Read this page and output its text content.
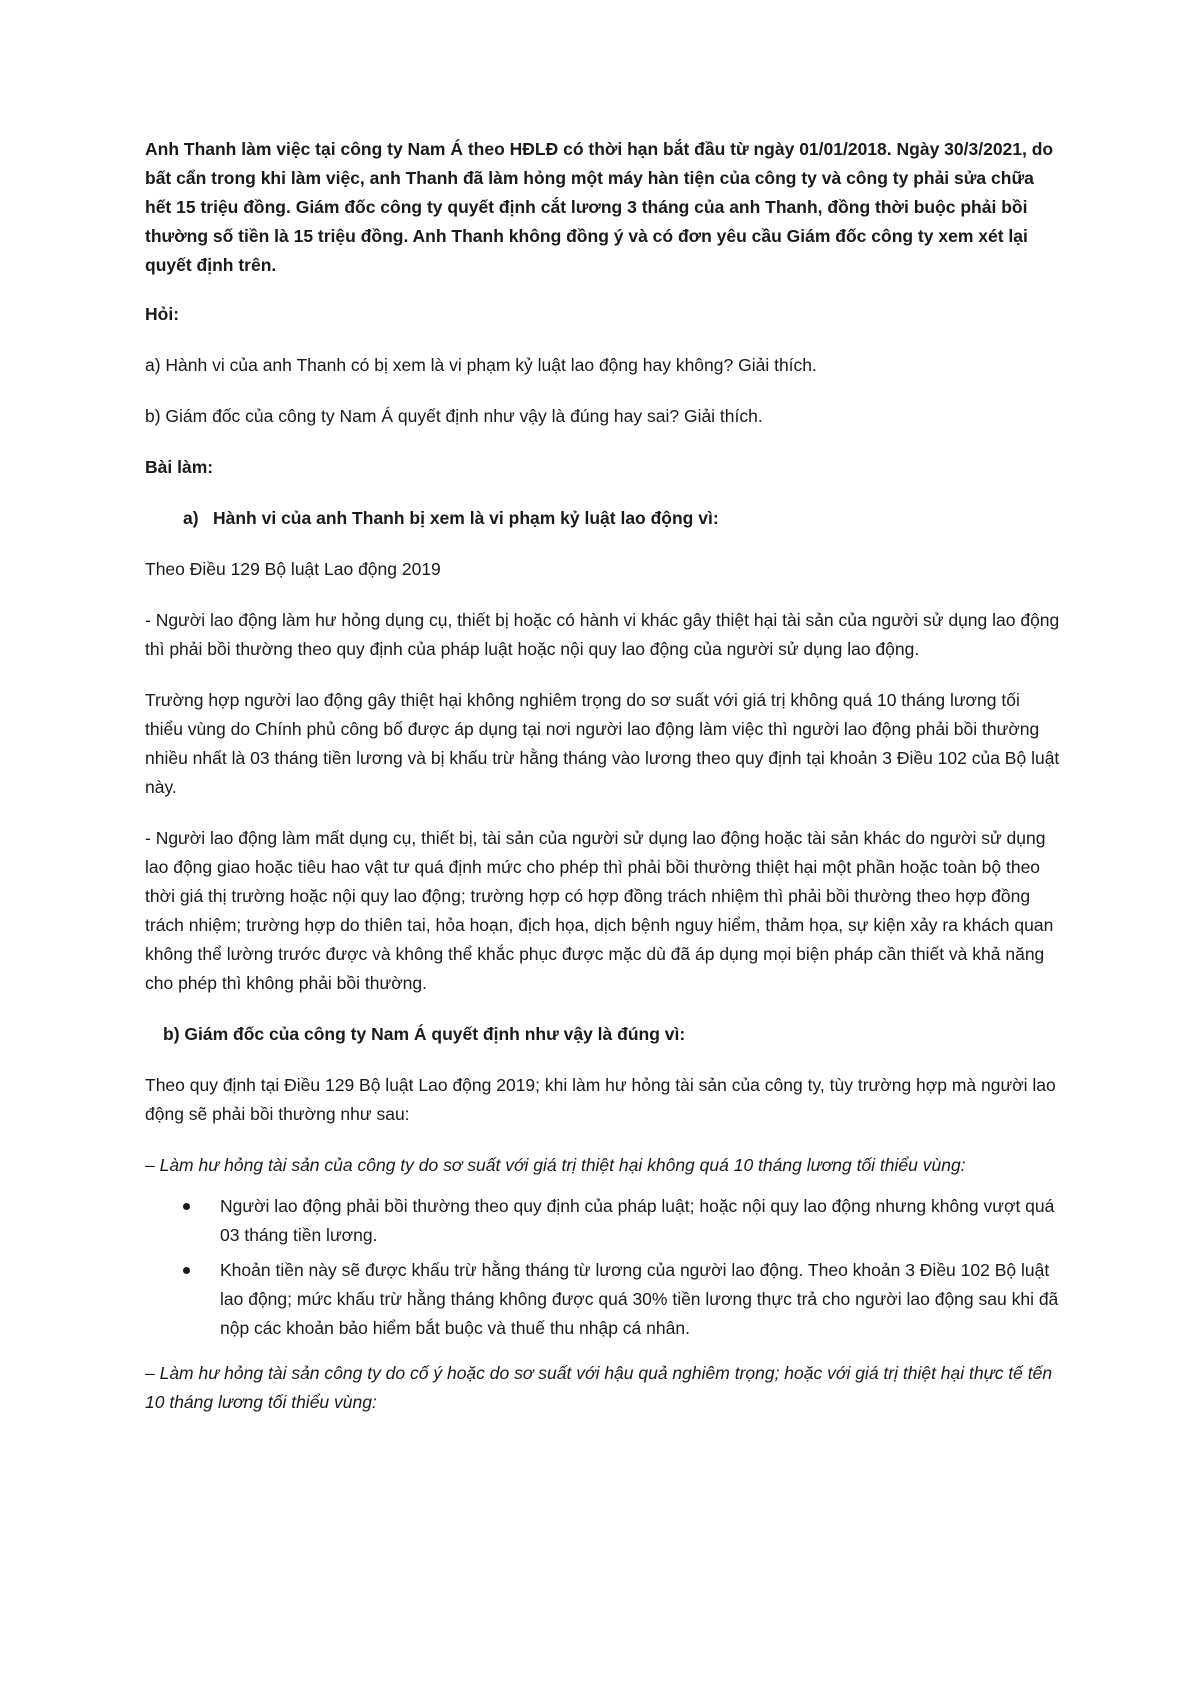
Anh Thanh làm việc tại công ty Nam Á theo HĐLĐ có thời hạn bắt đầu từ ngày 01/01/2018. Ngày 30/3/2021, do bất cẩn trong khi làm việc, anh Thanh đã làm hỏng một máy hàn tiện của công ty và công ty phải sửa chữa hết 15 triệu đồng. Giám đốc công ty quyết định cắt lương 3 tháng của anh Thanh, đồng thời buộc phải bồi thường số tiền là 15 triệu đồng. Anh Thanh không đồng ý và có đơn yêu cầu Giám đốc công ty xem xét lại quyết định trên.

Hỏi:

a) Hành vi của anh Thanh có bị xem là vi phạm kỷ luật lao động hay không? Giải thích.

b) Giám đốc của công ty Nam Á quyết định như vậy là đúng hay sai? Giải thích.

Bài làm:

a) Hành vi của anh Thanh bị xem là vi phạm kỷ luật lao động vì:

Theo Điều 129 Bộ luật Lao động 2019

- Người lao động làm hư hỏng dụng cụ, thiết bị hoặc có hành vi khác gây thiệt hại tài sản của người sử dụng lao động thì phải bồi thường theo quy định của pháp luật hoặc nội quy lao động của người sử dụng lao động.

Trường hợp người lao động gây thiệt hại không nghiêm trọng do sơ suất với giá trị không quá 10 tháng lương tối thiểu vùng do Chính phủ công bố được áp dụng tại nơi người lao động làm việc thì người lao động phải bồi thường nhiều nhất là 03 tháng tiền lương và bị khấu trừ hằng tháng vào lương theo quy định tại khoản 3 Điều 102 của Bộ luật này.

- Người lao động làm mất dụng cụ, thiết bị, tài sản của người sử dụng lao động hoặc tài sản khác do người sử dụng lao động giao hoặc tiêu hao vật tư quá định mức cho phép thì phải bồi thường thiệt hại một phần hoặc toàn bộ theo thời giá thị trường hoặc nội quy lao động; trường hợp có hợp đồng trách nhiệm thì phải bồi thường theo hợp đồng trách nhiệm; trường hợp do thiên tai, hỏa hoạn, địch họa, dịch bệnh nguy hiểm, thảm họa, sự kiện xảy ra khách quan không thể lường trước được và không thể khắc phục được mặc dù đã áp dụng mọi biện pháp cần thiết và khả năng cho phép thì không phải bồi thường.

b) Giám đốc của công ty Nam Á quyết định như vậy là đúng vì:

Theo quy định tại Điều 129 Bộ luật Lao động 2019; khi làm hư hỏng tài sản của công ty, tùy trường hợp mà người lao động sẽ phải bồi thường như sau:

– Làm hư hỏng tài sản của công ty do sơ suất với giá trị thiệt hại không quá 10 tháng lương tối thiểu vùng:

Người lao động phải bồi thường theo quy định của pháp luật; hoặc nội quy lao động nhưng không vượt quá 03 tháng tiền lương.
Khoản tiền này sẽ được khấu trừ hằng tháng từ lương của người lao động. Theo khoản 3 Điều 102 Bộ luật lao động; mức khấu trừ hằng tháng không được quá 30% tiền lương thực trả cho người lao động sau khi đã nộp các khoản bảo hiểm bắt buộc và thuế thu nhập cá nhân.

– Làm hư hỏng tài sản công ty do cố ý hoặc do sơ suất với hậu quả nghiêm trọng; hoặc với giá trị thiệt hại thực tế tến 10 tháng lương tối thiểu vùng:
